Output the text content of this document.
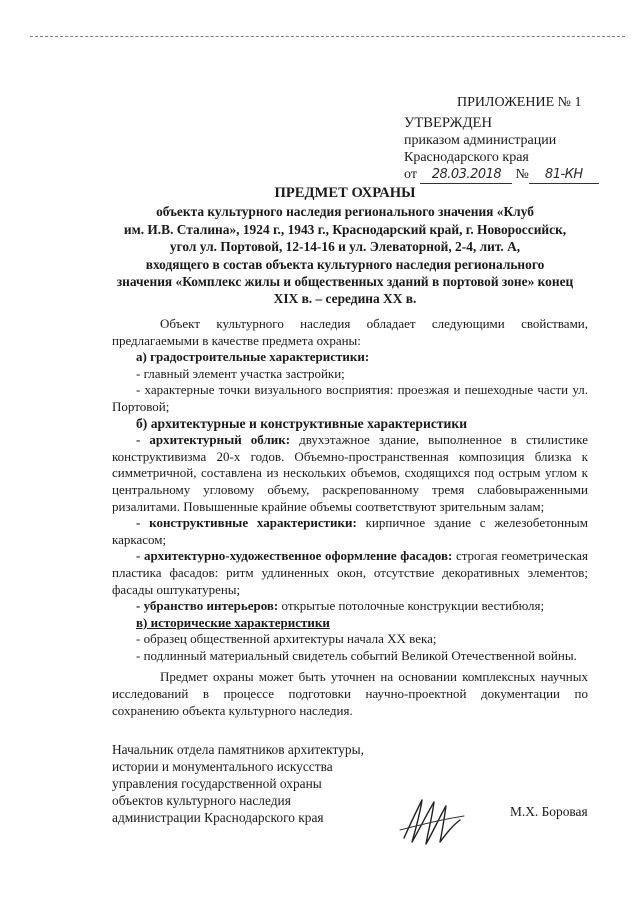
ПРИЛОЖЕНИЕ № 1
УТВЕРЖДЕН
приказом администрации
Краснодарского края
от 28.03.2018 № 81-КН
ПРЕДМЕТ ОХРАНЫ
объекта культурного наследия регионального значения «Клуб
им. И.В. Сталина», 1924 г., 1943 г., Краснодарский край, г. Новороссийск,
угол ул. Портовой, 12-14-16 и ул. Элеваторной, 2-4, лит. А,
входящего в состав объекта культурного наследия регионального
значения «Комплекс жилы и общественных зданий в портовой зоне» конец
XIX в. – середина XX в.

Объект культурного наследия обладает следующими свойствами, предлагаемыми в качестве предмета охраны:

а) градостроительные характеристики:

- главный элемент участка застройки;

- характерные точки визуального восприятия: проезжая и пешеходные части ул. Портовой;

б) архитектурные и конструктивные характеристики

- архитектурный облик: двухэтажное здание, выполненное в стилистике конструктивизма 20-х годов. Объемно-пространственная композиция близка к симметричной, составлена из нескольких объемов, сходящихся под острым углом к центральному угловому объему, раскрепованному тремя слабовыраженными ризалитами. Повышенные крайние объемы соответствуют зрительным залам;

- конструктивные характеристики: кирпичное здание с железобетонным каркасом;

- архитектурно-художественное оформление фасадов: строгая геометрическая пластика фасадов: ритм удлиненных окон, отсутствие декоративных элементов; фасады оштукатурены;

- убранство интерьеров: открытые потолочные конструкции вестибюля;

в) исторические характеристики

- образец общественной архитектуры начала XX века;

- подлинный материальный свидетель событий Великой Отечественной войны.

Предмет охраны может быть уточнен на основании комплексных научных исследований в процессе подготовки научно-проектной документации по сохранению объекта культурного наследия.

Начальник отдела памятников архитектуры,
истории и монументального искусства
управления государственной охраны
объектов культурного наследия
администрации Краснодарского края	М.Х. Боровая
